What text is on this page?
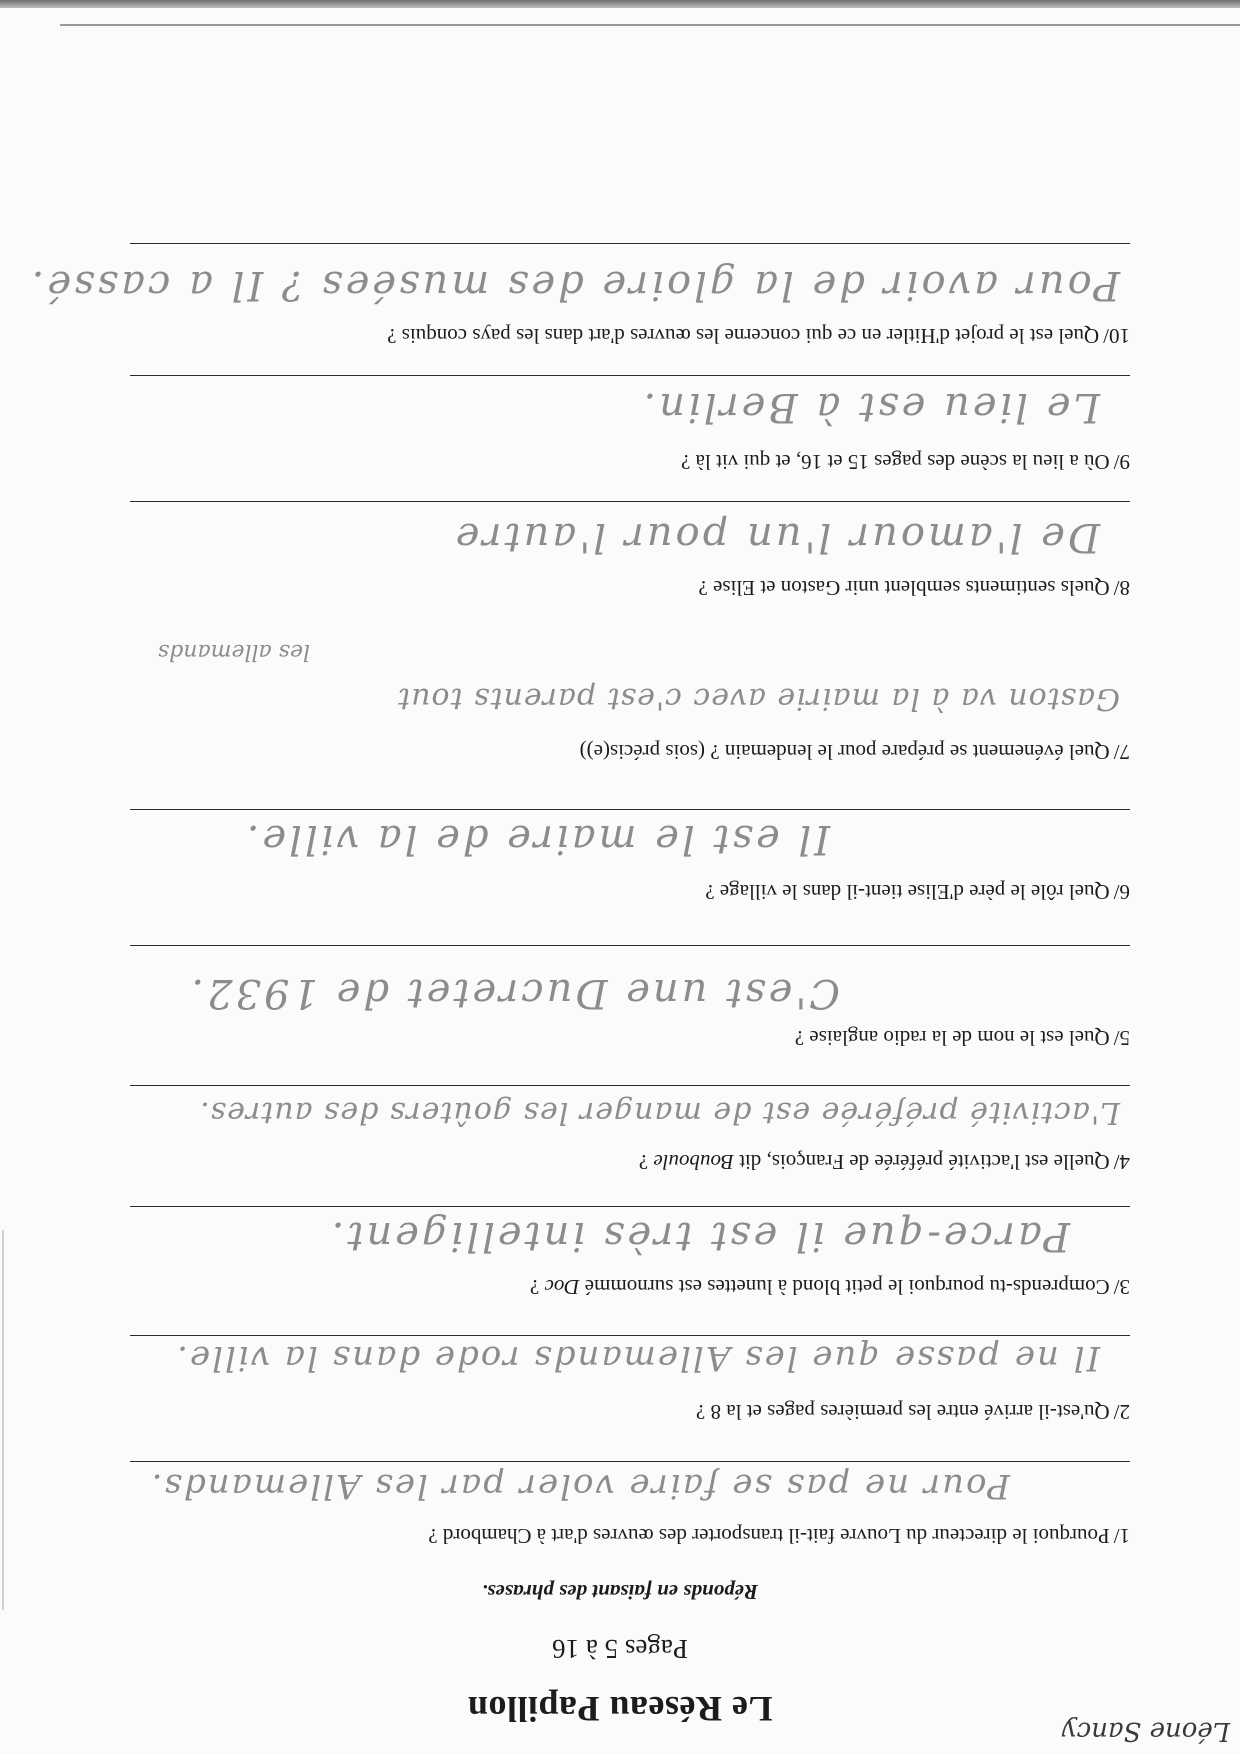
Léone Sancy
Le Réseau Papillon
Pages 5 à 16
Réponds en faisant des phrases.
1/Pourquoi le directeur du Louvre fait-il transporter des œuvres d'art à Chambord ?
Pour ne pas se faire voler par les Allemands.
2/Qu'est-il arrivé entre les premières pages et la 8 ?
Il ne passe que les Allemands rode dans la ville.
3/Comprends-tu pourquoi le petit blond à lunettes est surnommé Doc ?
Parce-que il est très intelligent.
4/Quelle est l'activité préférée de François, dit Bouboule ?
L'activité préférée est de manger les goûters des autres.
5/Quel est le nom de la radio anglaise ?
C'est une Ducretet de 1932.
6/Quel rôle le père d'Elise tient-il dans le village ?
Il est le maire de la ville.
7/Quel événement se prépare pour le lendemain ? (sois précis(e))
Gaston va à la mairie avec c'est parents tout
les allemands
8/Quels sentiments semblent unir Gaston et Elise ?
De l'amour l'un pour l'autre
9/Où a lieu la scène des pages 15 et 16, et qui vit là ?
Le lieu est à Berlin.
10/Quel est le projet d'Hitler en ce qui concerne les œuvres d'art dans les pays conquis ?
Pour avoir de la gloire des musées ? Il a cassé.
